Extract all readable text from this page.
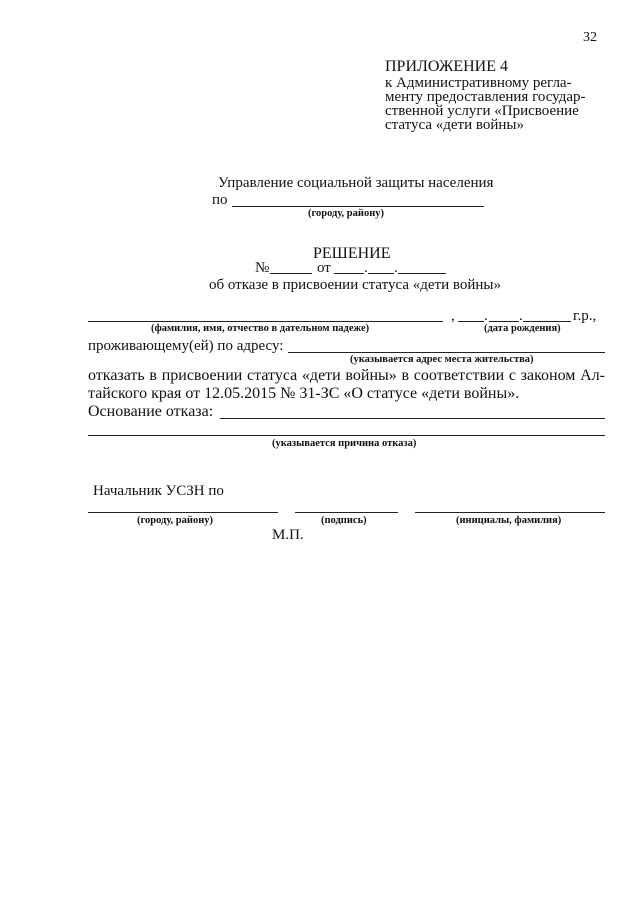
32
ПРИЛОЖЕНИЕ 4
к Административному регла-
менту предоставления государ-
ственной услуги «Присвоение
статуса «дети войны»
Управление социальной защиты населения
по
(городу, району)
РЕШЕНИЕ
№	от . .
об отказе в присвоении статуса «дети войны»
, . .	г.р.,
(фамилия, имя, отчество в дательном падеже)	(дата рождения)
проживающему(ей) по адресу:
(указывается адрес места жительства)
отказать в присвоении статуса «дети войны» в соответствии с законом Ал-
тайского края от 12.05.2015 № 31-ЗС «О статусе «дети войны».
Основание отказа:
(указывается причина отказа)
Начальник УСЗН по
(городу, району)	(подпись)	(инициалы, фамилия)
М.П.
